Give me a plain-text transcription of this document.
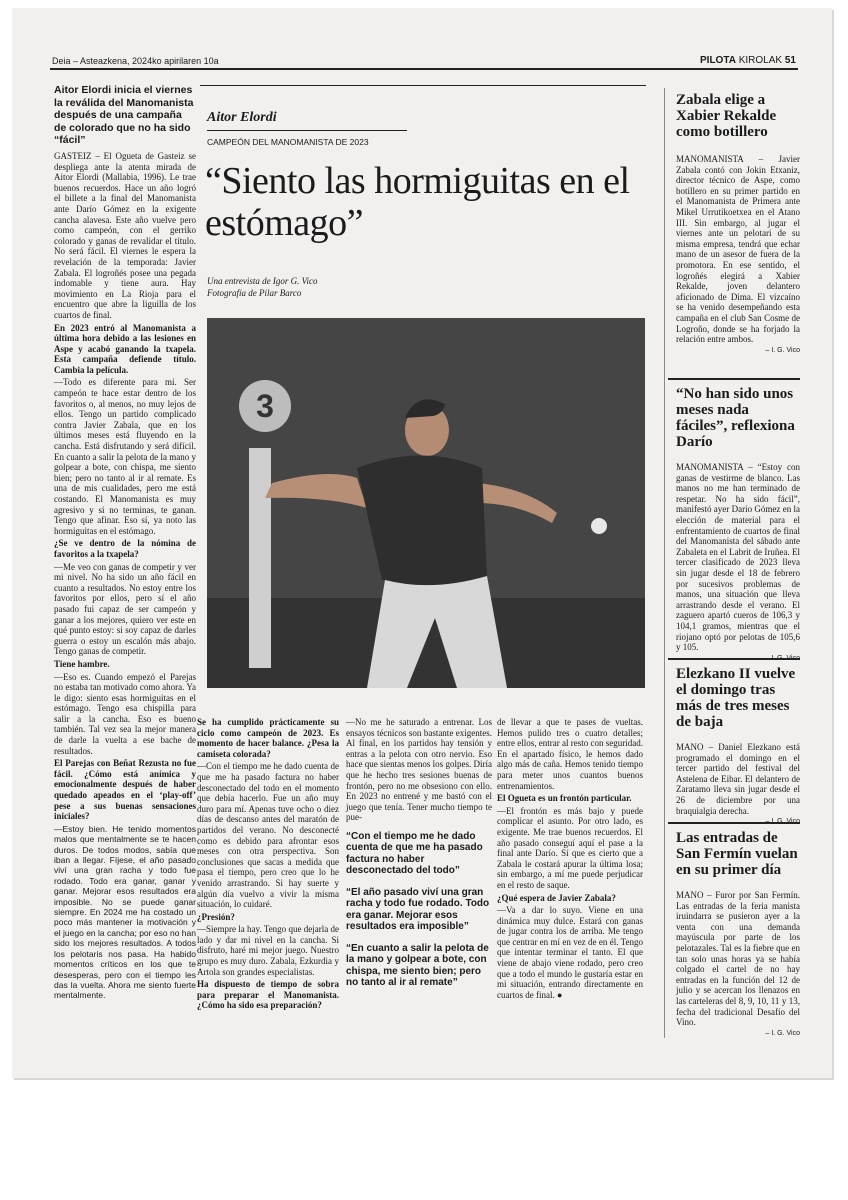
Deia – Asteazkena, 2024ko apirilaren 10a	PILOTA KIROLAK 51
Aitor Elordi inicia el viernes la reválida del Manomanista después de una campaña de colorado que no ha sido “fácil”

GASTEIZ – El Ogueta de Gasteiz se despliega ante la atenta mirada de Aitor Elordi (Mallabia, 1996). Le trae buenos recuerdos. Hace un año logró el billete a la final del Manomanista ante Darío Gómez en la exigente cancha alavesa. Este año vuelve pero como campeón, con el gerriko colorado y ganas de revalidar el título. No será fácil. El viernes le espera la revelación de la temporada: Javier Zabala. El logroñés posee una pegada indomable y tiene aura. Hay movimiento en La Rioja para el encuentro que abre la liguilla de los cuartos de final.

En 2023 entró al Manomanista a última hora debido a las lesiones en Aspe y acabó ganando la txapela. Esta campaña defiende título. Cambia la película.

—Todo es diferente para mí. Ser campeón te hace estar dentro de los favoritos o, al menos, no muy lejos de ellos. Tengo un partido complicado contra Javier Zabala, que en los últimos meses está fluyendo en la cancha. Está disfrutando y será difícil. En cuanto a salir la pelota de la mano y golpear a bote, con chispa, me siento bien; pero no tanto al ir al remate. Es una de mis cualidades, pero me está costando. El Manomanista es muy agresivo y si no terminas, te ganan. Tengo que afinar. Eso sí, ya noto las hormiguitas en el estómago.

¿Se ve dentro de la nómina de favoritos a la txapela?

—Me veo con ganas de competir y ver mi nivel. No ha sido un año fácil en cuanto a resultados. No estoy entre los favoritos por ellos, pero sí el año pasado fui capaz de ser campeón y ganar a los mejores, quiero ver este en qué punto estoy: si soy capaz de darles guerra o estoy un escalón más abajo. Tengo ganas de competir.

Tiene hambre.

—Eso es. Cuando empezó el Parejas no estaba tan motivado como ahora. Ya le digo: siento esas hormiguitas en el estómago. Tengo esa chispilla para salir a la cancha. Eso es bueno también. Tal vez sea la mejor manera de darle la vuelta a ese bache de resultados.

El Parejas con Beñat Rezusta no fue fácil. ¿Cómo está anímica y emocionalmente después de haber quedado apeados en el ‘play-off’ pese a sus buenas sensaciones iniciales?

—Estoy bien. He tenido momentos malos que mentalmente se te hacen duros. De todos modos, sabía que iban a llegar. Fíjese, el año pasado viví una gran racha y todo fue rodado. Todo era ganar, ganar y ganar. Mejorar esos resultados era imposible. No se puede ganar siempre. En 2024 me ha costado un poco más mantener la motivación y el juego en la cancha; por eso no han sido los mejores resultados. A todos los pelotaris nos pasa. Ha habido momentos críticos en los que te desesperas, pero con el tiempo les das la vuelta. Ahora me siento fuerte mentalmente.

Aitor Elordi
CAMPEÓN DEL MANOMANISTA DE 2023
“Siento las hormiguitas en el estómago”
Una entrevista de Igor G. Vico
Fotografía de Pilar Barco
3

Se ha cumplido prácticamente su ciclo como campeón de 2023. Es momento de hacer balance. ¿Pesa la camiseta colorada?

—Con el tiempo me he dado cuenta de que me ha pasado factura no haber desconectado del todo en el momento que debía hacerlo. Fue un año muy duro para mí. Apenas tuve ocho o diez días de descanso antes del maratón de partidos del verano. No desconecté como es debido para afrontar esos meses con otra perspectiva. Son conclusiones que sacas a medida que pasa el tiempo, pero creo que lo he venido arrastrando. Si hay suerte y algún día vuelvo a vivir la misma situación, lo cuidaré.

¿Presión?

—Siempre la hay. Tengo que dejarla de lado y dar mi nivel en la cancha. Si disfruto, haré mi mejor juego. Nuestro grupo es muy duro. Zabala, Ezkurdia y Artola son grandes especialistas.

Ha dispuesto de tiempo de sobra para preparar el Manomanista. ¿Cómo ha sido esa preparación?

—No me he saturado a entrenar. Los ensayos técnicos son bastante exigentes. Al final, en los partidos hay tensión y entras a la pelota con otro nervio. Eso hace que sientas menos los golpes. Diría que he hecho tres sesiones buenas de frontón, pero no me obsesiono con ello. En 2023 no entrené y me bastó con el juego que tenía. Tener mucho tiempo te pue-

“Con el tiempo me he dado cuenta de que me ha pasado factura no haber desconectado del todo”

“El año pasado viví una gran racha y todo fue rodado. Todo era ganar. Mejorar esos resultados era imposible”

“En cuanto a salir la pelota de la mano y golpear a bote, con chispa, me siento bien; pero no tanto al ir al remate”

de llevar a que te pases de vueltas. Hemos pulido tres o cuatro detalles; entre ellos, entrar al resto con seguridad. En el apartado físico, le hemos dado algo más de caña. Hemos tenido tiempo para meter unos cuantos buenos entrenamientos.

El Ogueta es un frontón particular.

—El frontón es más bajo y puede complicar el asunto. Por otro lado, es exigente. Me trae buenos recuerdos. El año pasado conseguí aquí el pase a la final ante Darío. Sí que es cierto que a Zabala le costará apurar la última losa; sin embargo, a mí me puede perjudicar en el resto de saque.

¿Qué espera de Javier Zabala?

—Va a dar lo suyo. Viene en una dinámica muy dulce. Estará con ganas de jugar contra los de arriba. Me tengo que centrar en mí en vez de en él. Tengo que intentar terminar el tanto. El que viene de abajo viene rodado, pero creo que a todo el mundo le gustaría estar en mi situación, entrando directamente en cuartos de final. ●

Zabala elige a Xabier Rekalde como botillero

MANOMANISTA – Javier Zabala contó con Jokin Etxaniz, director técnico de Aspe, como botillero en su primer partido en el Manomanista de Primera ante Mikel Urrutikoetxea en el Atano III. Sin embargo, al jugar el viernes ante un pelotari de su misma empresa, tendrá que echar mano de un asesor de fuera de la promotora. En ese sentido, el logroñés elegirá a Xabier Rekalde, joven delantero aficionado de Dima. El vizcaíno se ha venido desempeñando esta campaña en el club San Cosme de Logroño, donde se ha forjado la relación entre ambos.

– I. G. Vico
“No han sido unos meses nada fáciles”, reflexiona Darío

MANOMANISTA – “Estoy con ganas de vestirme de blanco. Las manos no me han terminado de respetar. No ha sido fácil”, manifestó ayer Darío Gómez en la elección de material para el enfrentamiento de cuartos de final del Manomanista del sábado ante Zabaleta en el Labrit de Iruñea. El tercer clasificado de 2023 lleva sin jugar desde el 18 de febrero por sucesivos problemas de manos, una situación que lleva arrastrando desde el verano. El zaguero apartó cueros de 106,3 y 104,1 gramos, mientras que el riojano optó por pelotas de 105,6 y 105.

Elezkano II vuelve el domingo tras más de tres meses de baja

MANO – Daniel Elezkano está programado el domingo en el tercer partido del festival del Astelena de Eibar. El delantero de Zaratamo lleva sin jugar desde el 26 de diciembre por una braquialgia derecha.

Las entradas de San Fermín vuelan en su primer día

MANO – Furor por San Fermín. Las entradas de la feria manista iruindarra se pusieron ayer a la venta con una demanda mayúscula por parte de los pelotazales. Tal es la fiebre que en tan solo unas horas ya se había colgado el cartel de no hay entradas en la función del 12 de julio y se acercan los llenazos en las carteleras del 8, 9, 10, 11 y 13, fecha del tradicional Desafío del Vino.

– I. G. Vico
